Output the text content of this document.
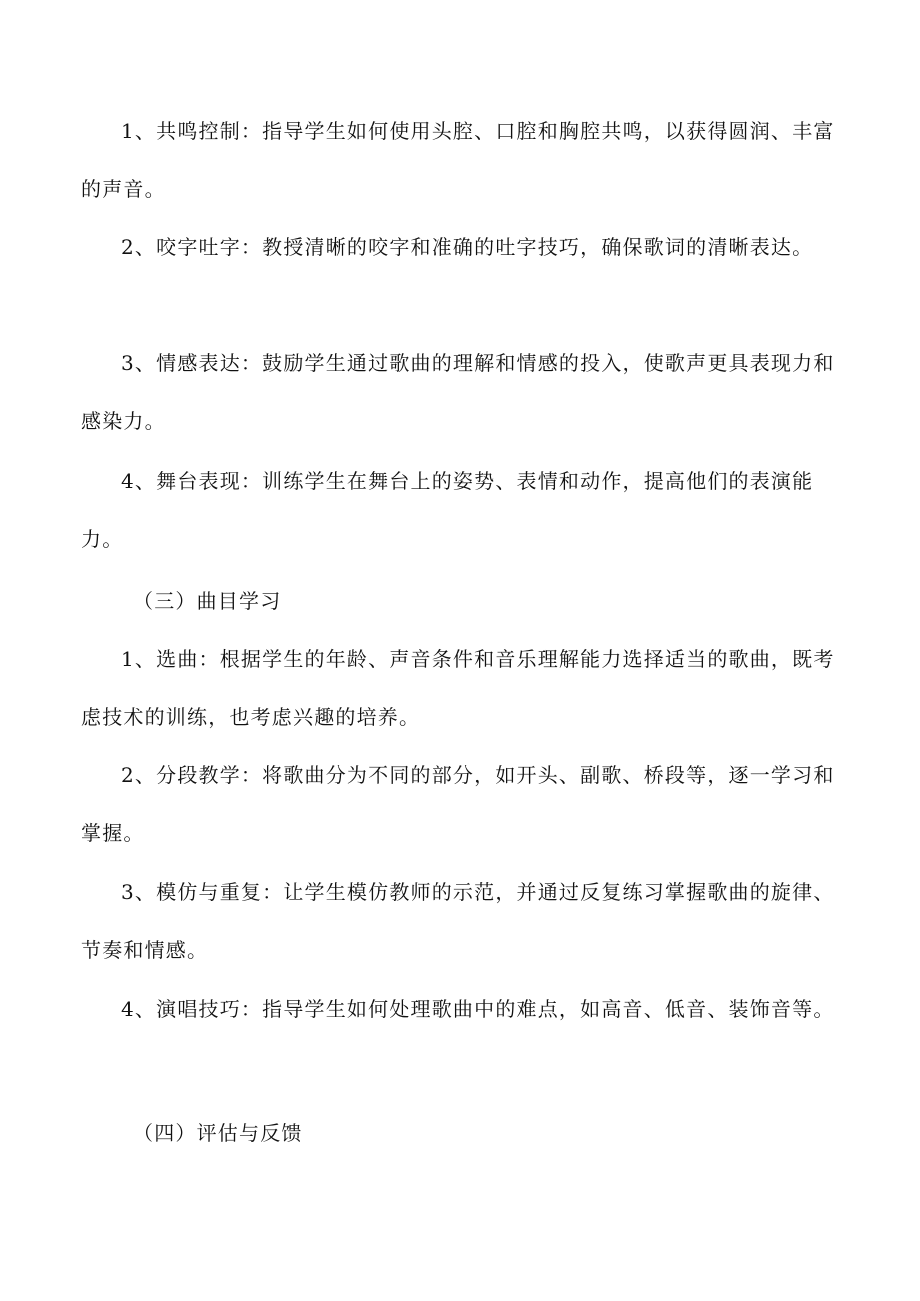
1、共鸣控制：指导学生如何使用头腔、口腔和胸腔共鸣，以获得圆润、丰富的声音。

2、咬字吐字：教授清晰的咬字和准确的吐字技巧，确保歌词的清晰表达。

3、情感表达：鼓励学生通过歌曲的理解和情感的投入，使歌声更具表现力和感染力。

4、舞台表现：训练学生在舞台上的姿势、表情和动作，提高他们的表演能力。

（三）曲目学习

1、选曲：根据学生的年龄、声音条件和音乐理解能力选择适当的歌曲，既考虑技术的训练，也考虑兴趣的培养。

2、分段教学：将歌曲分为不同的部分，如开头、副歌、桥段等，逐一学习和掌握。

3、模仿与重复：让学生模仿教师的示范，并通过反复练习掌握歌曲的旋律、节奏和情感。

4、演唱技巧：指导学生如何处理歌曲中的难点，如高音、低音、装饰音等。

（四）评估与反馈
